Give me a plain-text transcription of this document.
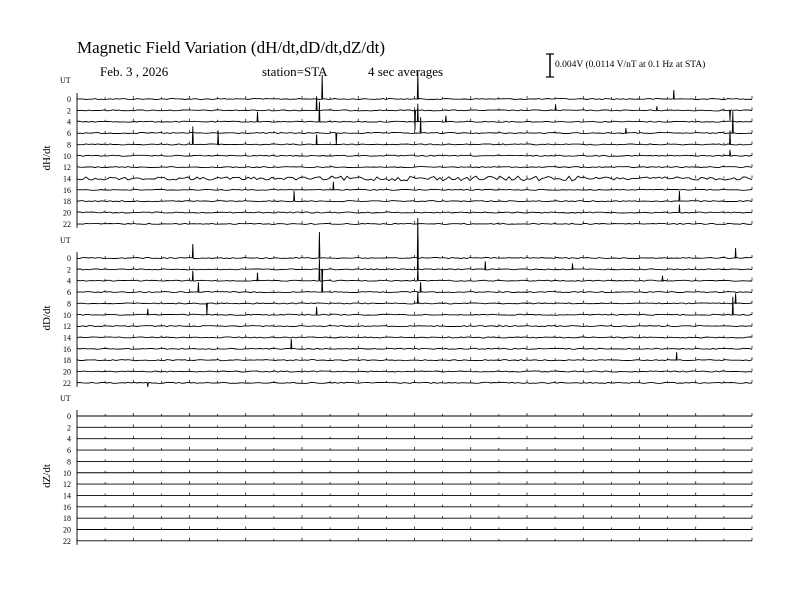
Magnetic Field Variation (dH/dt,dD/dt,dZ/dt)
Feb. 3 , 2026	station=STA	4 sec averages	0.004V (0.0114 V/nT at 0.1 Hz at STA)
UT
dH/dt
0
2
4
6
8
10
12
14
16
18
20
22
UT
dD/dt
0
2
4
6
8
10
12
14
16
18
20
22
UT
dZ/dt
0
2
4
6
8
10
12
14
16
18
20
22
